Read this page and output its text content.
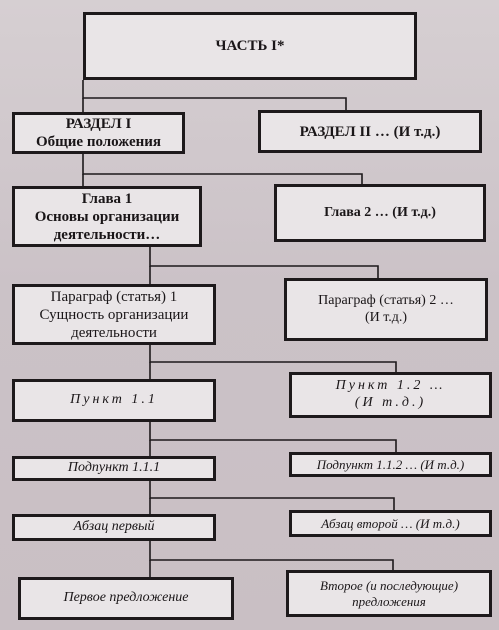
ЧАСТЬ I*
РАЗДЕЛ I
Общие положения
РАЗДЕЛ II … (И т.д.)
Глава 1
Основы организации
деятельности…
Глава 2 … (И т.д.)
Параграф (статья) 1
Сущность организации
деятельности
Параграф (статья) 2 …
(И т.д.)
Пункт 1.1
Пункт 1.2 …
(И т.д.)
Подпункт 1.1.1	Подпункт 1.1.2 … (И т.д.)
Абзац первый	Абзац второй … (И т.д.)
Первое предложение
Второе (и последующие)
предложения
